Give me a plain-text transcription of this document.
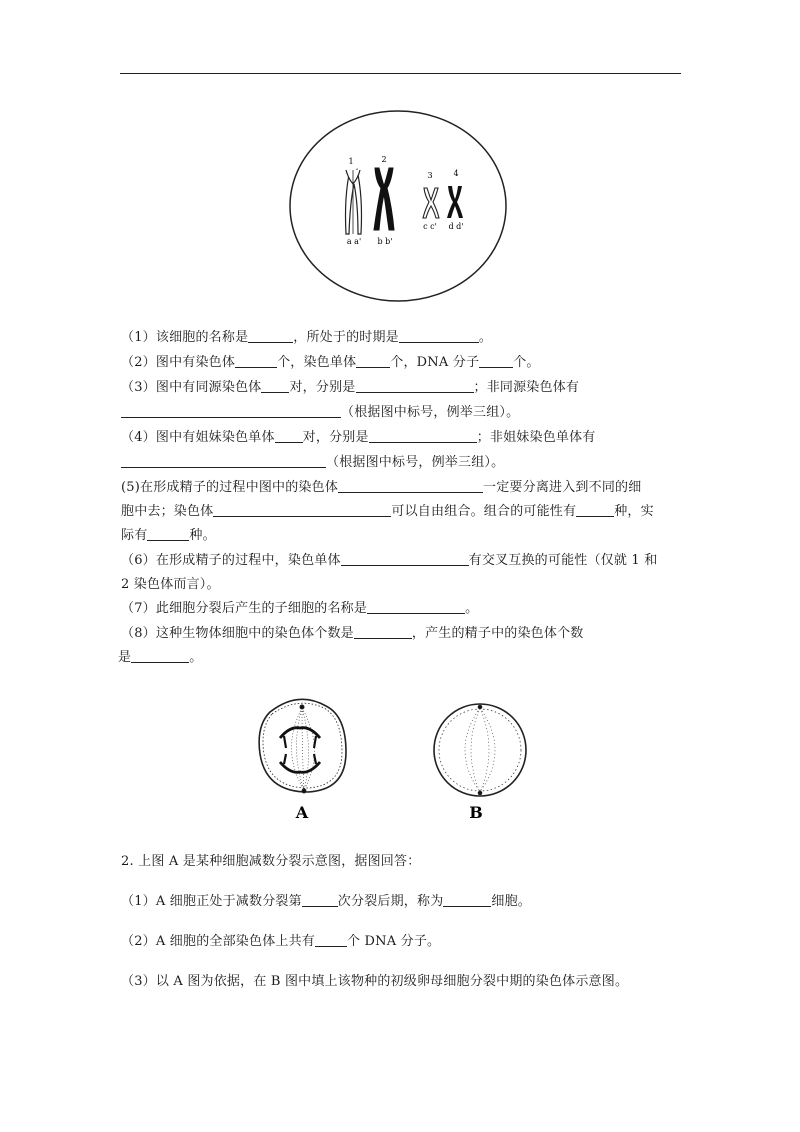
1	2
3	4
a a' b b'
c c' d d'
（1）该细胞的名称是	，所处于的时期是	。
（2）图中有染色体	个，染色单体	个，DNA 分子	个。
（3）图中有同源染色体 对，分别是	；非同源染色体有
（根据图中标号，例举三组）。
（4）图中有姐妹染色单体 对，分别是	；非姐妹染色单体有
（根据图中标号，例举三组）。
(5)在形成精子的过程中图中的染色体	一定要分离进入到不同的细
胞中去；染色体	可以自由组合。组合的可能性有	种，实
际有	种。
（6）在形成精子的过程中，染色单体	有交叉互换的可能性（仅就 1 和
2 染色体而言）。
（7）此细胞分裂后产生的子细胞的名称是	。
（8）这种生物体细胞中的染色体个数是	，产生的精子中的染色体个数
是	。
A	B
2. 上图 A 是某种细胞减数分裂示意图，据图回答：
（1）A 细胞正处于减数分裂第	次分裂后期，称为	细胞。
（2）A 细胞的全部染色体上共有 个 DNA 分子。
（3）以 A 图为依据，在 B 图中填上该物种的初级卵母细胞分裂中期的染色体示意图。
